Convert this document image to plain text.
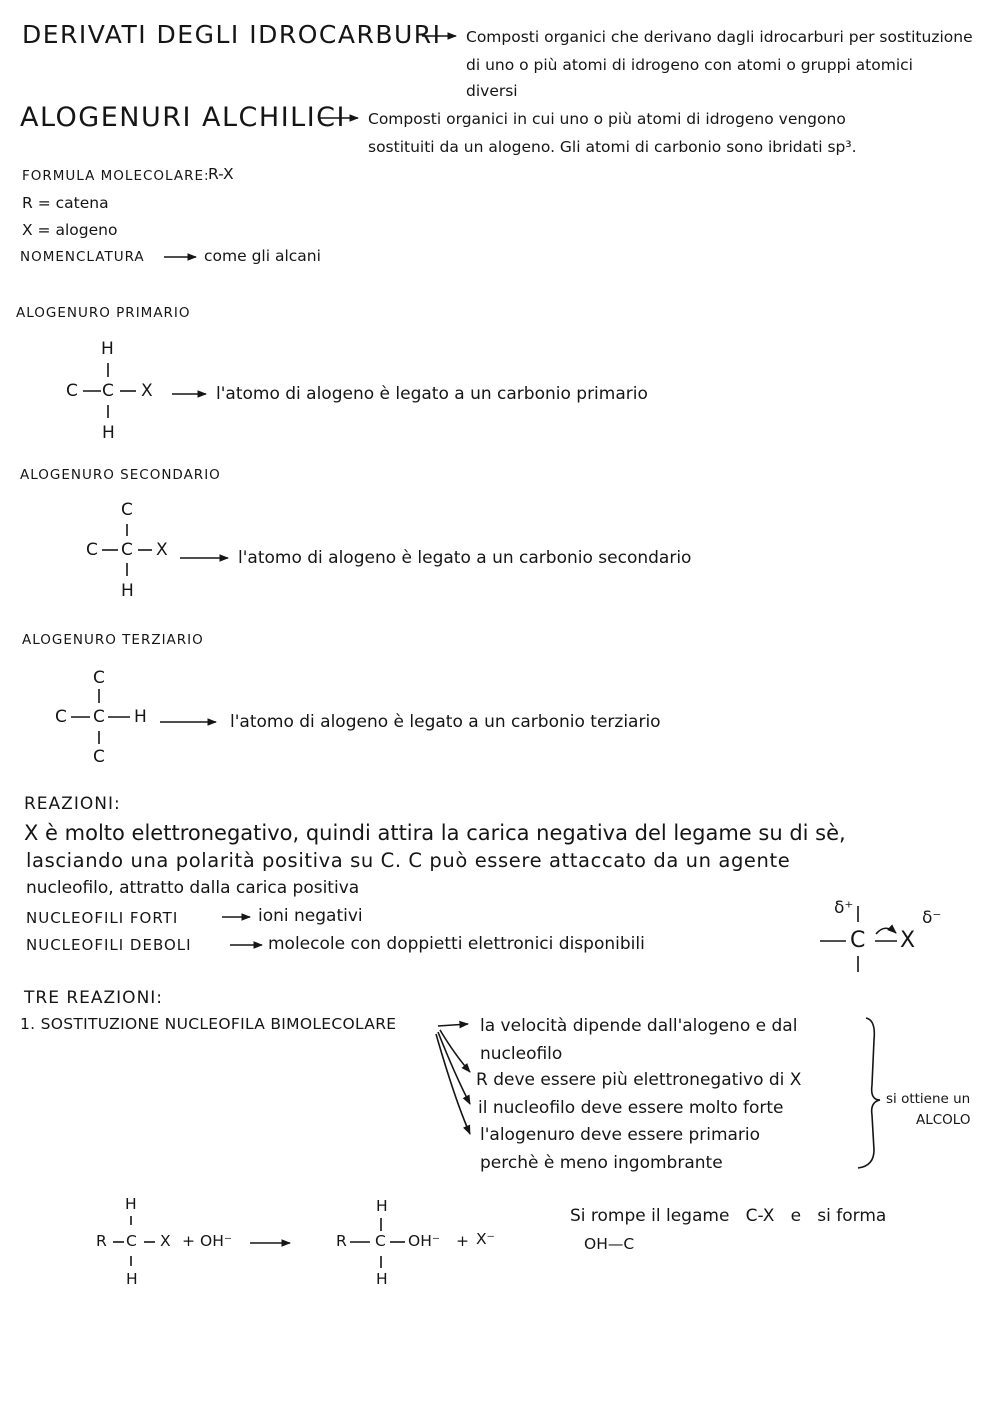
DERIVATI DEGLI IDROCARBURI Composti organici che derivano dagli idrocarburi per sostituzione
di uno o più atomi di idrogeno con atomi o gruppi atomici
diversi
ALOGENURI ALCHILICI Composti organici in cui uno o più atomi di idrogeno vengono
sostituiti da un alogeno. Gli atomi di carbonio sono ibridati sp³.
FORMULA MOLECOLARE:
R-X
R = catena
X = alogeno
NOMENCLATURA	come gli alcani
ALOGENURO PRIMARIO
H
C C X
H
l'atomo di alogeno è legato a un carbonio primario
ALOGENURO SECONDARIO
C
C C X
H
l'atomo di alogeno è legato a un carbonio secondario
ALOGENURO TERZIARIO
C
C C H
C
l'atomo di alogeno è legato a un carbonio terziario
REAZIONI:
X è molto elettronegativo, quindi attira la carica negativa del legame su di sè,
lasciando una polarità positiva su C. C può essere attaccato da un agente
nucleofilo, attratto dalla carica positiva
NUCLEOFILI FORTI	ioni negativi
NUCLEOFILI DEBOLI	molecole con doppietti elettronici disponibili
δ⁺
C X
δ⁻
TRE REAZIONI:
1. SOSTITUZIONE NUCLEOFILA BIMOLECOLARE	la velocità dipende dall'alogeno e dal
nucleofilo
R deve essere più elettronegativo di X
il nucleofilo deve essere molto forte
l'alogenuro deve essere primario
perchè è meno ingombrante
si ottiene un
ALCOLO
H
R C X + OH⁻
H
H
R C OH⁻ + X⁻
H
Si rompe il legame   C-X   e   si forma
OH—C
